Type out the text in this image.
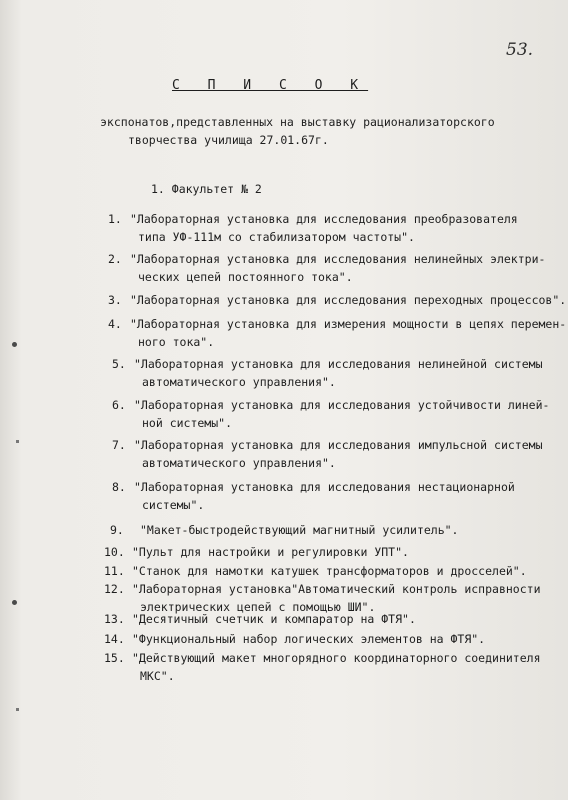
53.
С П И С О К
экспонатов,представленных на выставку рационализаторского
творчества училища 27.01.67г.
1. Факультет № 2
1. "Лабораторная установка для исследования преобразователя
типа УФ-111м со стабилизатором частоты".
2. "Лабораторная установка для исследования нелинейных электри-
ческих цепей постоянного тока".
3. "Лабораторная установка для исследования переходных процессов".
4. "Лабораторная установка для измерения мощности в цепях перемен-
ного тока".
5. "Лабораторная установка для исследования нелинейной системы
автоматического управления".
6. "Лабораторная установка для исследования устойчивости линей-
ной системы".
7. "Лабораторная установка для исследования импульсной системы
автоматического управления".
8. "Лабораторная установка для исследования нестационарной
системы".
9. "Макет-быстродействующий магнитный усилитель".
10. "Пульт для настройки и регулировки УПТ".
11. "Станок для намотки катушек трансформаторов и дросселей".
12. "Лабораторная установка"Автоматический контроль исправности
электрических цепей с помощью ШИ".
13. "Десятичный счетчик и компаратор на ФТЯ".
14. "Функциональный набор логических элементов на ФТЯ".
15. "Действующий макет многорядного координаторного соединителя
МКС".
